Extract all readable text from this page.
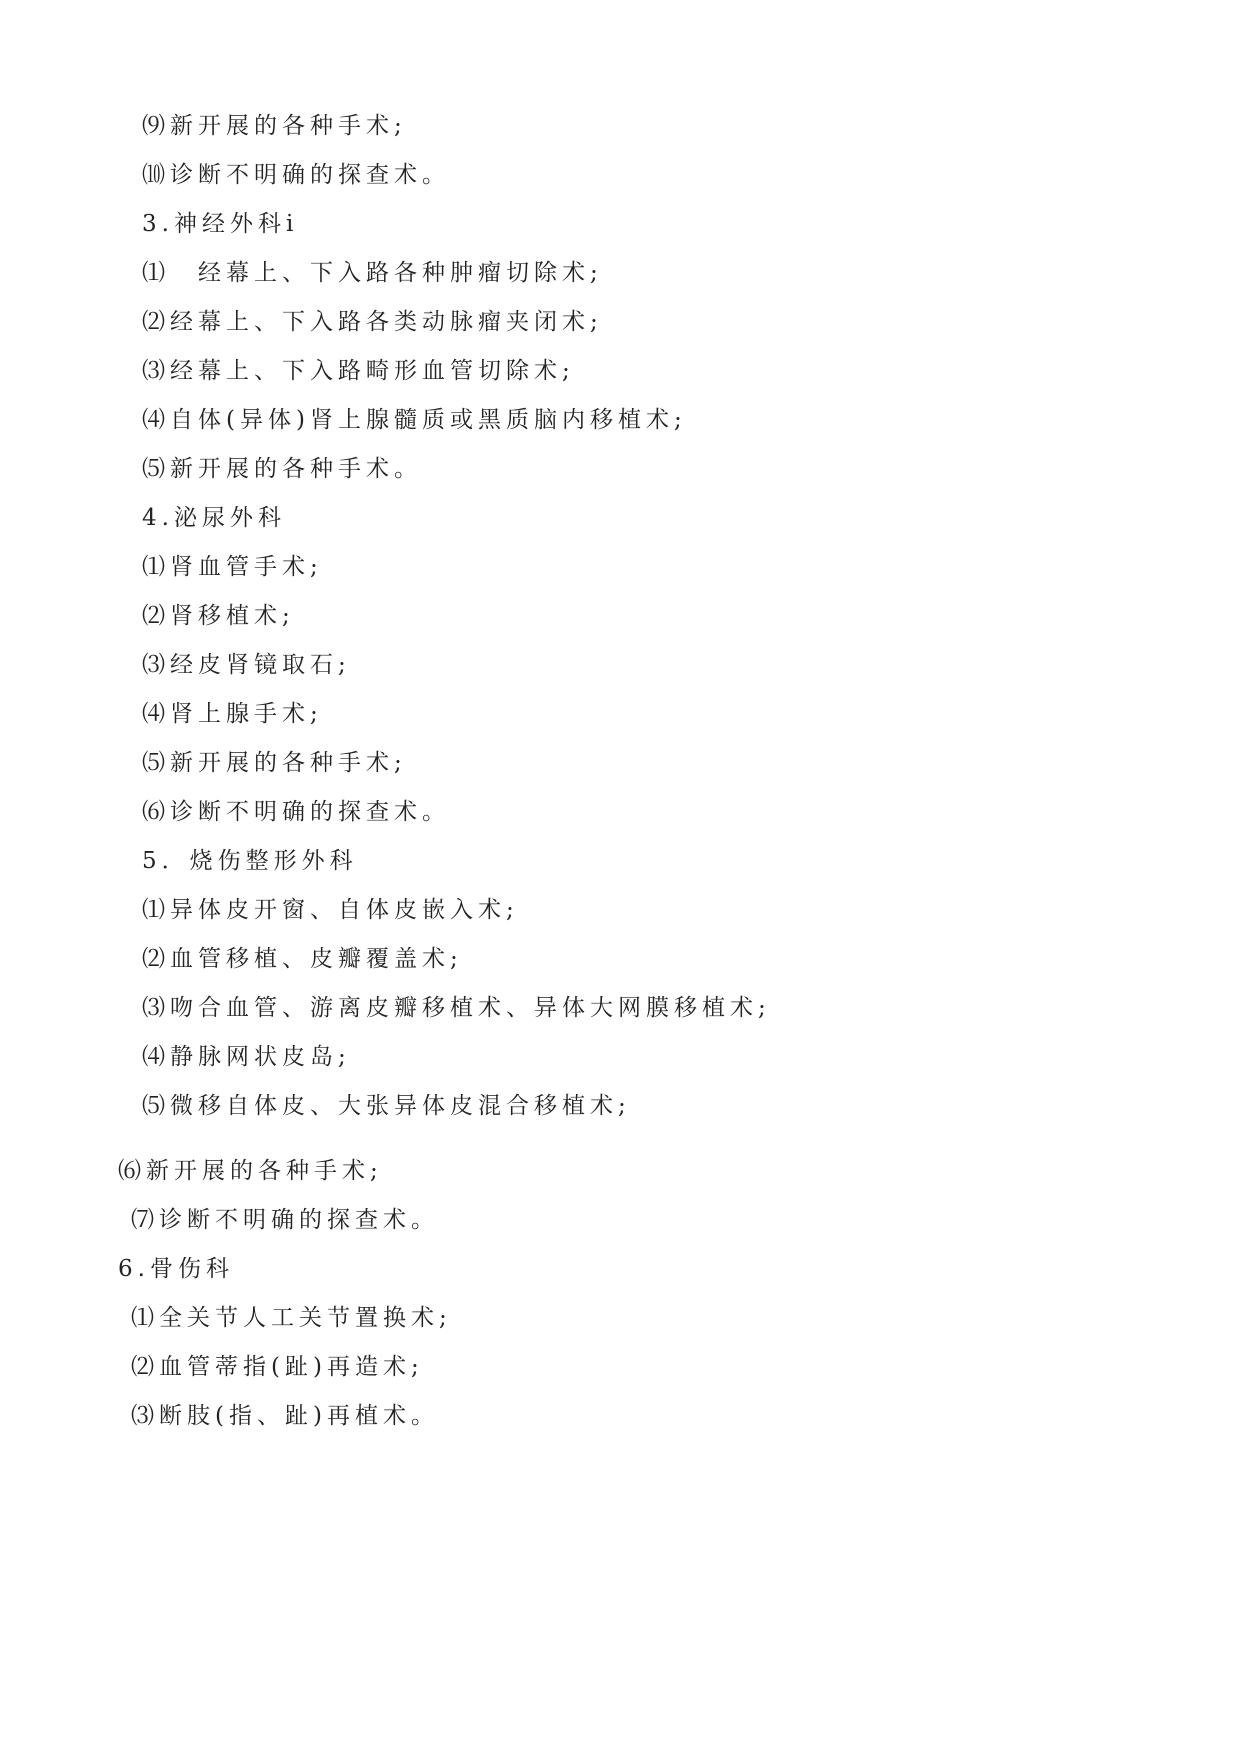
⑼新开展的各种手术;
⑽诊断不明确的探查术。
3.神经外科i
⑴　经幕上、下入路各种肿瘤切除术;
⑵经幕上、下入路各类动脉瘤夹闭术;
⑶经幕上、下入路畸形血管切除术;
⑷自体(异体)肾上腺髓质或黑质脑内移植术;
⑸新开展的各种手术。
4.泌尿外科
⑴肾血管手术;
⑵肾移植术;
⑶经皮肾镜取石;
⑷肾上腺手术;
⑸新开展的各种手术;
⑹诊断不明确的探查术。
5．烧伤整形外科
⑴异体皮开窗、自体皮嵌入术;
⑵血管移植、皮瓣覆盖术;
⑶吻合血管、游离皮瓣移植术、异体大网膜移植术;
⑷静脉网状皮岛;
⑸微移自体皮、大张异体皮混合移植术;
⑹新开展的各种手术;
⑺诊断不明确的探查术。
6.骨伤科
⑴全关节人工关节置换术;
⑵血管蒂指(趾)再造术;
⑶断肢(指、趾)再植术。
